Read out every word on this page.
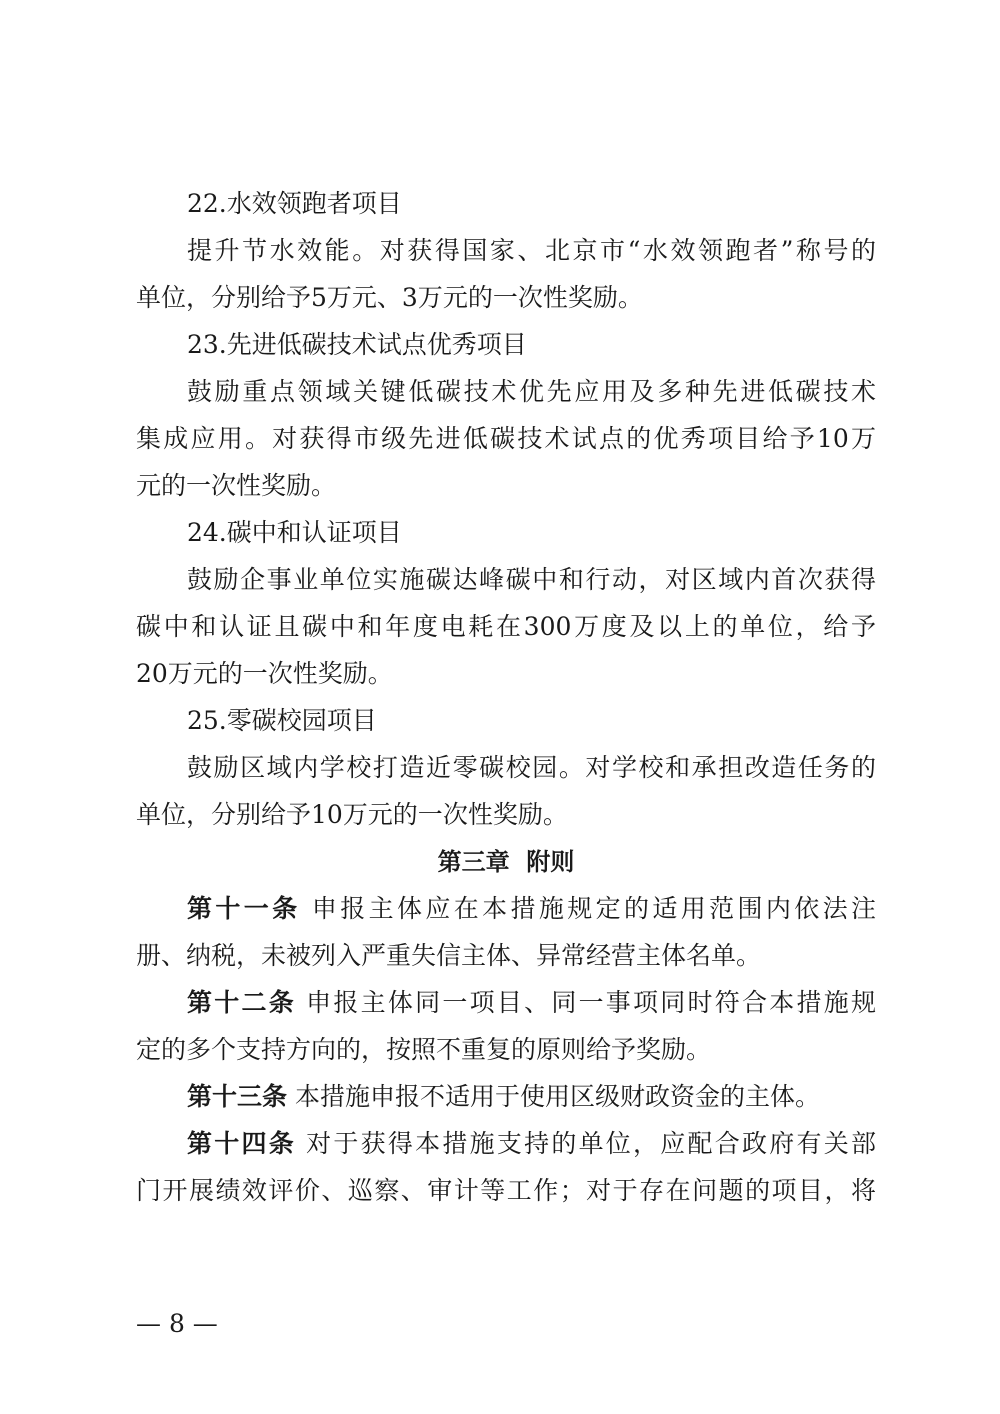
22.水效领跑者项目
提升节水效能。对获得国家、北京市“水效领跑者”称号的
单位，分别给予5万元、3万元的一次性奖励。
23.先进低碳技术试点优秀项目
鼓励重点领域关键低碳技术优先应用及多种先进低碳技术
集成应用。对获得市级先进低碳技术试点的优秀项目给予10万
元的一次性奖励。
24.碳中和认证项目
鼓励企事业单位实施碳达峰碳中和行动，对区域内首次获得
碳中和认证且碳中和年度电耗在300万度及以上的单位，给予
20万元的一次性奖励。
25.零碳校园项目
鼓励区域内学校打造近零碳校园。对学校和承担改造任务的
单位，分别给予10万元的一次性奖励。
第三章  附则
第十一条 申报主体应在本措施规定的适用范围内依法注
册、纳税，未被列入严重失信主体、异常经营主体名单。
第十二条 申报主体同一项目、同一事项同时符合本措施规
定的多个支持方向的，按照不重复的原则给予奖励。
第十三条 本措施申报不适用于使用区级财政资金的主体。
第十四条 对于获得本措施支持的单位，应配合政府有关部
门开展绩效评价、巡察、审计等工作；对于存在问题的项目，将
— 8 —
